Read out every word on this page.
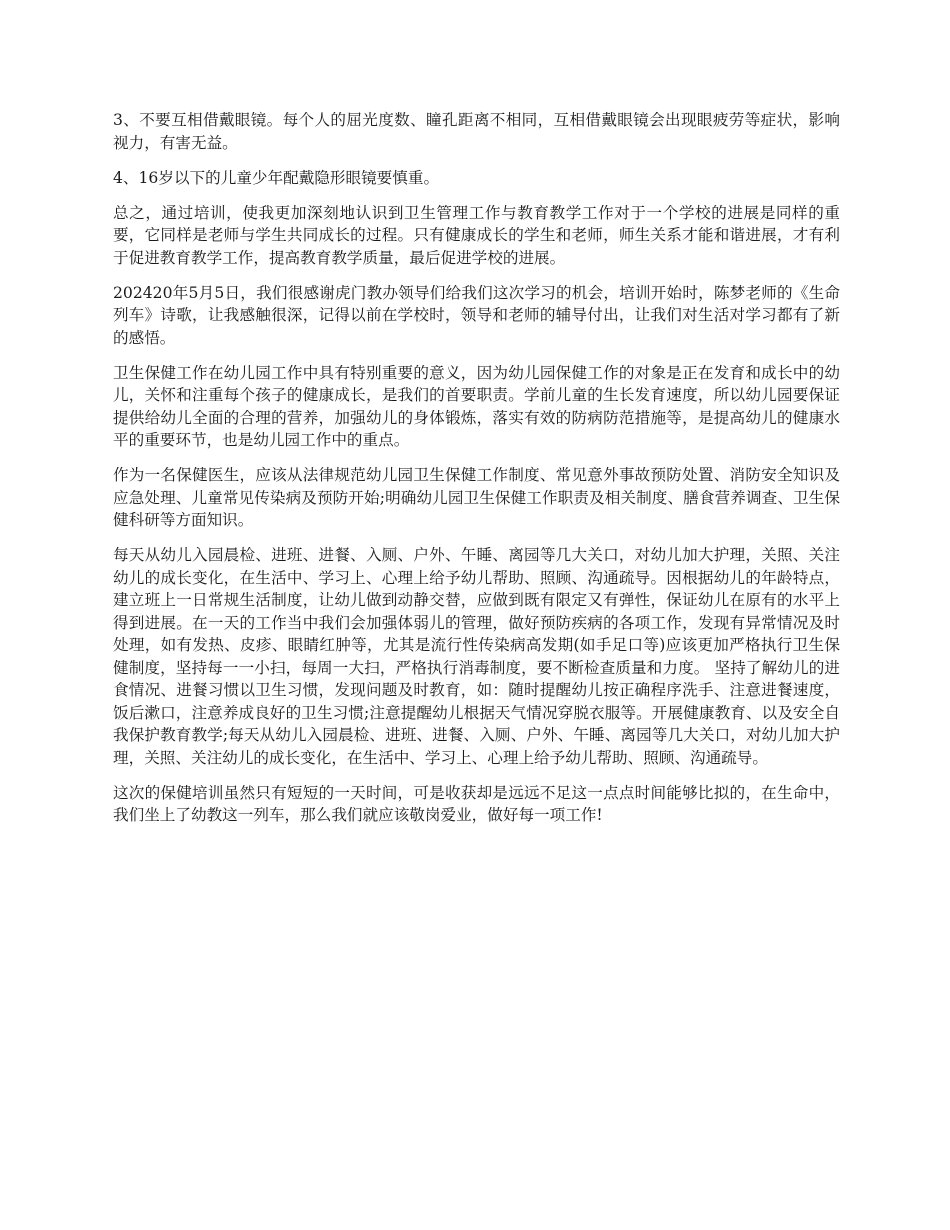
3、不要互相借戴眼镜。每个人的屈光度数、瞳孔距离不相同，互相借戴眼镜会出现眼疲劳等症状，影响视力，有害无益。

4、16岁以下的儿童少年配戴隐形眼镜要慎重。

总之，通过培训，使我更加深刻地认识到卫生管理工作与教育教学工作对于一个学校的进展是同样的重要，它同样是老师与学生共同成长的过程。只有健康成长的学生和老师，师生关系才能和谐进展，才有利于促进教育教学工作，提高教育教学质量，最后促进学校的进展。

202420年5月5日，我们很感谢虎门教办领导们给我们这次学习的机会，培训开始时，陈梦老师的《生命列车》诗歌，让我感触很深，记得以前在学校时，领导和老师的辅导付出，让我们对生活对学习都有了新的感悟。

卫生保健工作在幼儿园工作中具有特别重要的意义，因为幼儿园保健工作的对象是正在发育和成长中的幼儿，关怀和注重每个孩子的健康成长，是我们的首要职责。学前儿童的生长发育速度，所以幼儿园要保证提供给幼儿全面的合理的营养，加强幼儿的身体锻炼，落实有效的防病防范措施等，是提高幼儿的健康水平的重要环节，也是幼儿园工作中的重点。

作为一名保健医生，应该从法律规范幼儿园卫生保健工作制度、常见意外事故预防处置、消防安全知识及应急处理、儿童常见传染病及预防开始;明确幼儿园卫生保健工作职责及相关制度、膳食营养调查、卫生保健科研等方面知识。

每天从幼儿入园晨检、进班、进餐、入厕、户外、午睡、离园等几大关口，对幼儿加大护理，关照、关注幼儿的成长变化，在生活中、学习上、心理上给予幼儿帮助、照顾、沟通疏导。因根据幼儿的年龄特点，建立班上一日常规生活制度，让幼儿做到动静交替，应做到既有限定又有弹性，保证幼儿在原有的水平上得到进展。在一天的工作当中我们会加强体弱儿的管理，做好预防疾病的各项工作，发现有异常情况及时处理，如有发热、皮疹、眼睛红肿等，尤其是流行性传染病高发期(如手足口等)应该更加严格执行卫生保健制度，坚持每一一小扫，每周一大扫，严格执行消毒制度，要不断检查质量和力度。 坚持了解幼儿的进食情况、进餐习惯以卫生习惯，发现问题及时教育，如：随时提醒幼儿按正确程序洗手、注意进餐速度，饭后漱口，注意养成良好的卫生习惯;注意提醒幼儿根据天气情况穿脱衣服等。开展健康教育、以及安全自我保护教育教学;每天从幼儿入园晨检、进班、进餐、入厕、户外、午睡、离园等几大关口，对幼儿加大护理，关照、关注幼儿的成长变化，在生活中、学习上、心理上给予幼儿帮助、照顾、沟通疏导。

这次的保健培训虽然只有短短的一天时间，可是收获却是远远不足这一点点时间能够比拟的，在生命中，我们坐上了幼教这一列车，那么我们就应该敬岗爱业，做好每一项工作!
